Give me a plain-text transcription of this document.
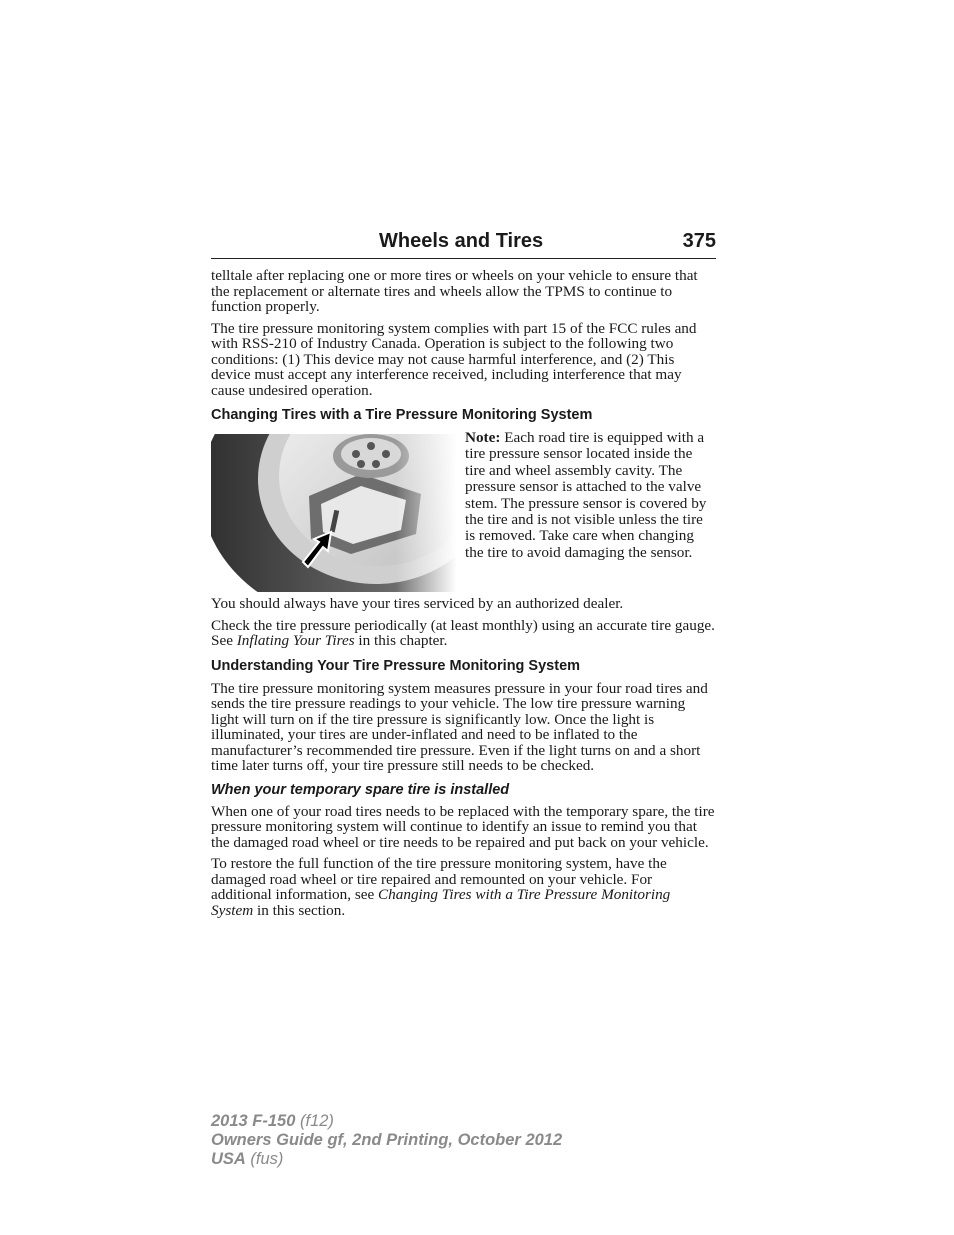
Wheels and Tires	375

telltale after replacing one or more tires or wheels on your vehicle to ensure that the replacement or alternate tires and wheels allow the TPMS to continue to function properly.

The tire pressure monitoring system complies with part 15 of the FCC rules and with RSS-210 of Industry Canada. Operation is subject to the following two conditions: (1) This device may not cause harmful interference, and (2) This device must accept any interference received, including interference that may cause undesired operation.

Changing Tires with a Tire Pressure Monitoring System
Note: Each road tire is equipped with a tire pressure sensor located inside the tire and wheel assembly cavity. The pressure sensor is attached to the valve stem. The pressure sensor is covered by the tire and is not visible unless the tire is removed. Take care when changing the tire to avoid damaging the sensor.

You should always have your tires serviced by an authorized dealer.

Check the tire pressure periodically (at least monthly) using an accurate tire gauge. See Inflating Your Tires in this chapter.

Understanding Your Tire Pressure Monitoring System

The tire pressure monitoring system measures pressure in your four road tires and sends the tire pressure readings to your vehicle. The low tire pressure warning light will turn on if the tire pressure is significantly low. Once the light is illuminated, your tires are under-inflated and need to be inflated to the manufacturer’s recommended tire pressure. Even if the light turns on and a short time later turns off, your tire pressure still needs to be checked.

When your temporary spare tire is installed

When one of your road tires needs to be replaced with the temporary spare, the tire pressure monitoring system will continue to identify an issue to remind you that the damaged road wheel or tire needs to be repaired and put back on your vehicle.

To restore the full function of the tire pressure monitoring system, have the damaged road wheel or tire repaired and remounted on your vehicle. For additional information, see Changing Tires with a Tire Pressure Monitoring System in this section.

2013 F-150 (f12)
Owners Guide gf, 2nd Printing, October 2012
USA (fus)
